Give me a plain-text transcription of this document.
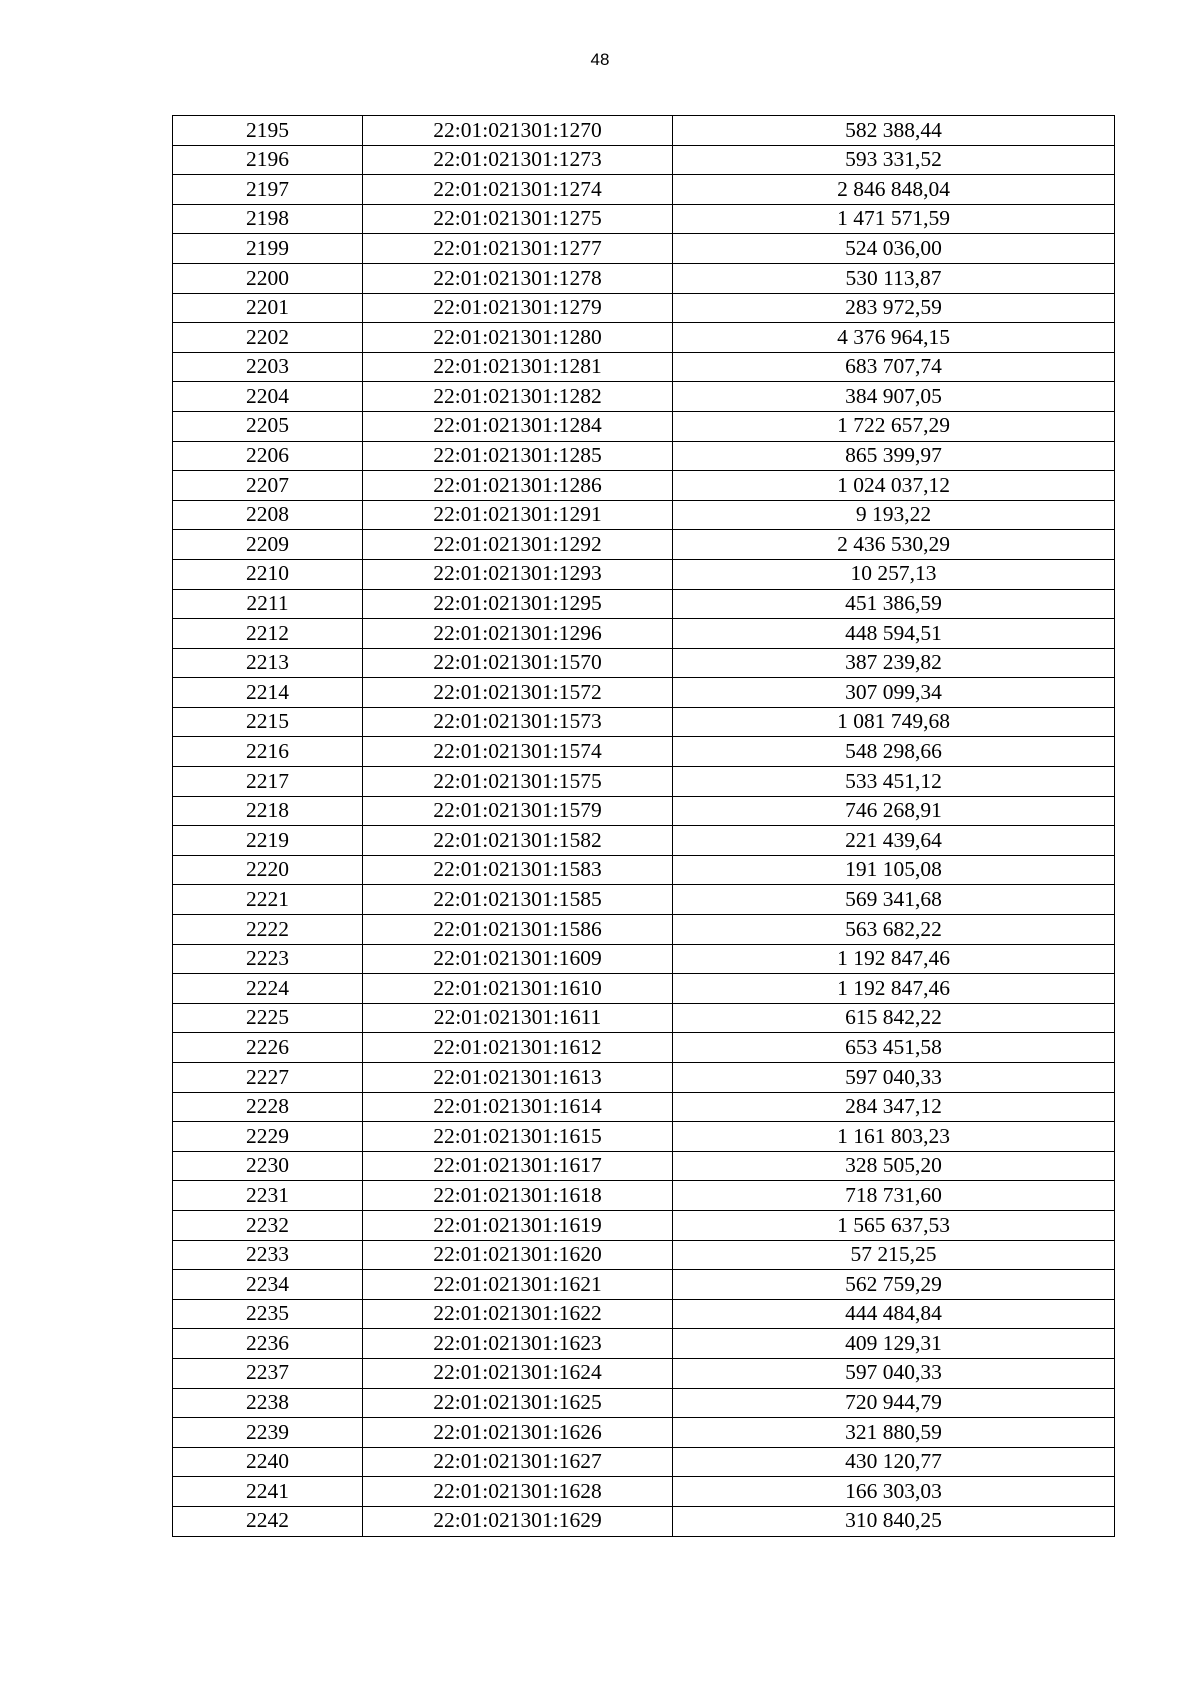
48
2195	22:01:021301:1270	582 388,44
2196	22:01:021301:1273	593 331,52
2197	22:01:021301:1274	2 846 848,04
2198	22:01:021301:1275	1 471 571,59
2199	22:01:021301:1277	524 036,00
2200	22:01:021301:1278	530 113,87
2201	22:01:021301:1279	283 972,59
2202	22:01:021301:1280	4 376 964,15
2203	22:01:021301:1281	683 707,74
2204	22:01:021301:1282	384 907,05
2205	22:01:021301:1284	1 722 657,29
2206	22:01:021301:1285	865 399,97
2207	22:01:021301:1286	1 024 037,12
2208	22:01:021301:1291	9 193,22
2209	22:01:021301:1292	2 436 530,29
2210	22:01:021301:1293	10 257,13
2211	22:01:021301:1295	451 386,59
2212	22:01:021301:1296	448 594,51
2213	22:01:021301:1570	387 239,82
2214	22:01:021301:1572	307 099,34
2215	22:01:021301:1573	1 081 749,68
2216	22:01:021301:1574	548 298,66
2217	22:01:021301:1575	533 451,12
2218	22:01:021301:1579	746 268,91
2219	22:01:021301:1582	221 439,64
2220	22:01:021301:1583	191 105,08
2221	22:01:021301:1585	569 341,68
2222	22:01:021301:1586	563 682,22
2223	22:01:021301:1609	1 192 847,46
2224	22:01:021301:1610	1 192 847,46
2225	22:01:021301:1611	615 842,22
2226	22:01:021301:1612	653 451,58
2227	22:01:021301:1613	597 040,33
2228	22:01:021301:1614	284 347,12
2229	22:01:021301:1615	1 161 803,23
2230	22:01:021301:1617	328 505,20
2231	22:01:021301:1618	718 731,60
2232	22:01:021301:1619	1 565 637,53
2233	22:01:021301:1620	57 215,25
2234	22:01:021301:1621	562 759,29
2235	22:01:021301:1622	444 484,84
2236	22:01:021301:1623	409 129,31
2237	22:01:021301:1624	597 040,33
2238	22:01:021301:1625	720 944,79
2239	22:01:021301:1626	321 880,59
2240	22:01:021301:1627	430 120,77
2241	22:01:021301:1628	166 303,03
2242	22:01:021301:1629	310 840,25
